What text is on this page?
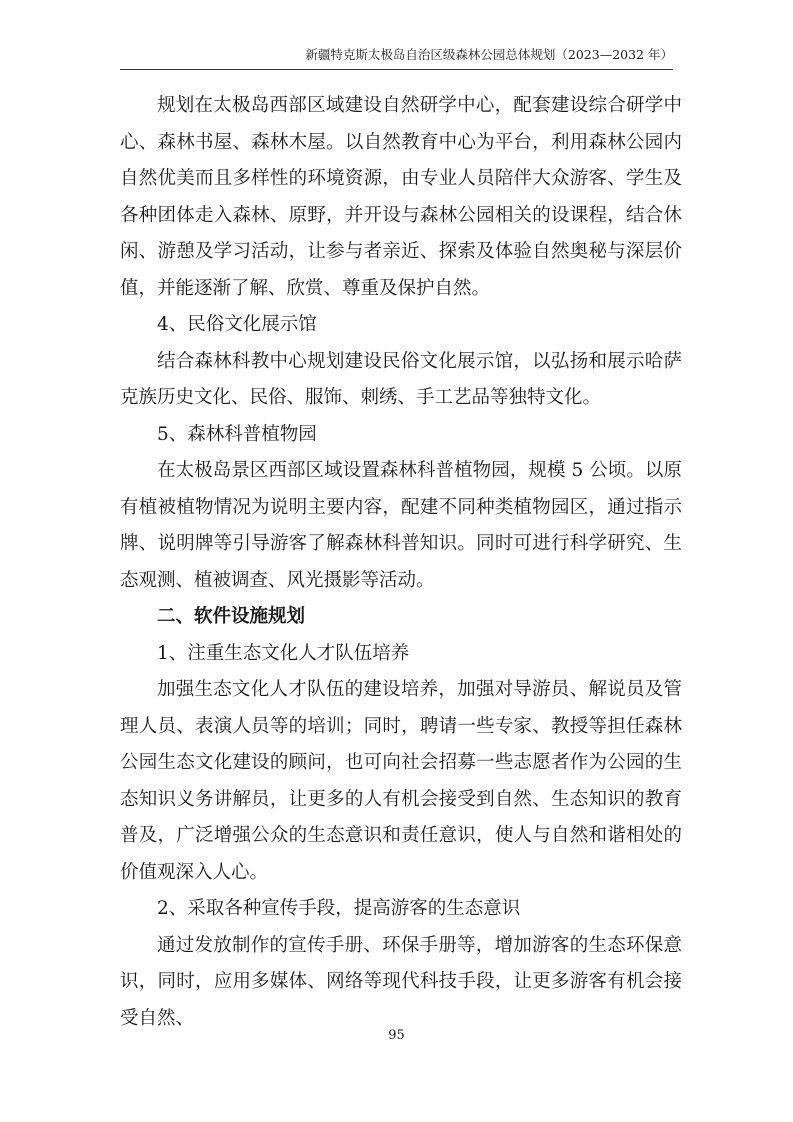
新疆特克斯太极岛自治区级森林公园总体规划（2023—2032 年）

规划在太极岛西部区域建设自然研学中心，配套建设综合研学中心、森林书屋、森林木屋。以自然教育中心为平台，利用森林公园内自然优美而且多样性的环境资源，由专业人员陪伴大众游客、学生及各种团体走入森林、原野，并开设与森林公园相关的设课程，结合休闲、游憩及学习活动，让参与者亲近、探索及体验自然奥秘与深层价值，并能逐渐了解、欣赏、尊重及保护自然。

4、民俗文化展示馆

结合森林科教中心规划建设民俗文化展示馆，以弘扬和展示哈萨克族历史文化、民俗、服饰、刺绣、手工艺品等独特文化。

5、森林科普植物园

在太极岛景区西部区域设置森林科普植物园，规模 5 公顷。以原有植被植物情况为说明主要内容，配建不同种类植物园区，通过指示牌、说明牌等引导游客了解森林科普知识。同时可进行科学研究、生态观测、植被调查、风光摄影等活动。

二、软件设施规划

1、注重生态文化人才队伍培养

加强生态文化人才队伍的建设培养，加强对导游员、解说员及管理人员、表演人员等的培训；同时，聘请一些专家、教授等担任森林公园生态文化建设的顾问，也可向社会招募一些志愿者作为公园的生态知识义务讲解员，让更多的人有机会接受到自然、生态知识的教育普及，广泛增强公众的生态意识和责任意识，使人与自然和谐相处的价值观深入人心。

2、采取各种宣传手段，提高游客的生态意识

通过发放制作的宣传手册、环保手册等，增加游客的生态环保意识，同时，应用多媒体、网络等现代科技手段，让更多游客有机会接受自然、

95
